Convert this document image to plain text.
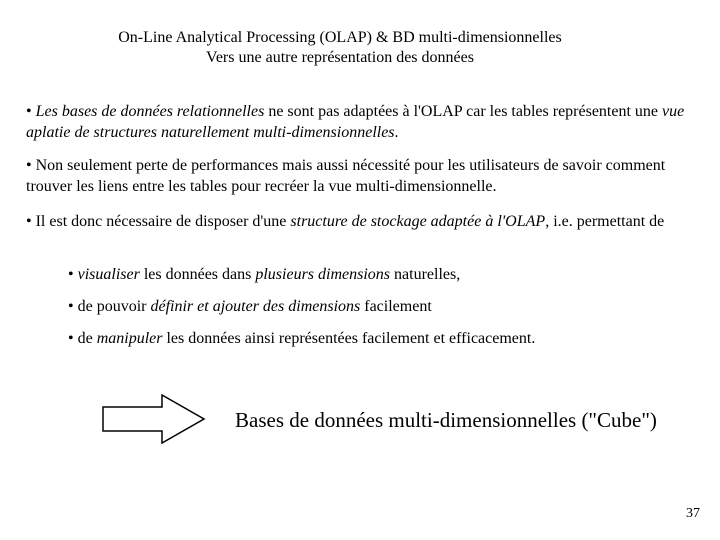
On-Line Analytical Processing (OLAP) & BD multi-dimensionnelles
Vers une autre représentation des données
• Les bases de données relationnelles ne sont pas adaptées à l'OLAP car les tables représentent une vue aplatie de structures naturellement multi-dimensionnelles.
• Non seulement perte de performances mais aussi nécessité pour les utilisateurs de savoir comment trouver les liens entre les tables pour recréer la vue multi-dimensionnelle.
• Il est donc nécessaire de disposer d'une structure de stockage adaptée à l'OLAP, i.e. permettant de
• visualiser les données dans plusieurs dimensions naturelles,
• de pouvoir définir et ajouter des dimensions facilement
• de manipuler les données ainsi représentées facilement et efficacement.
Bases de données multi-dimensionnelles ("Cube")
37
